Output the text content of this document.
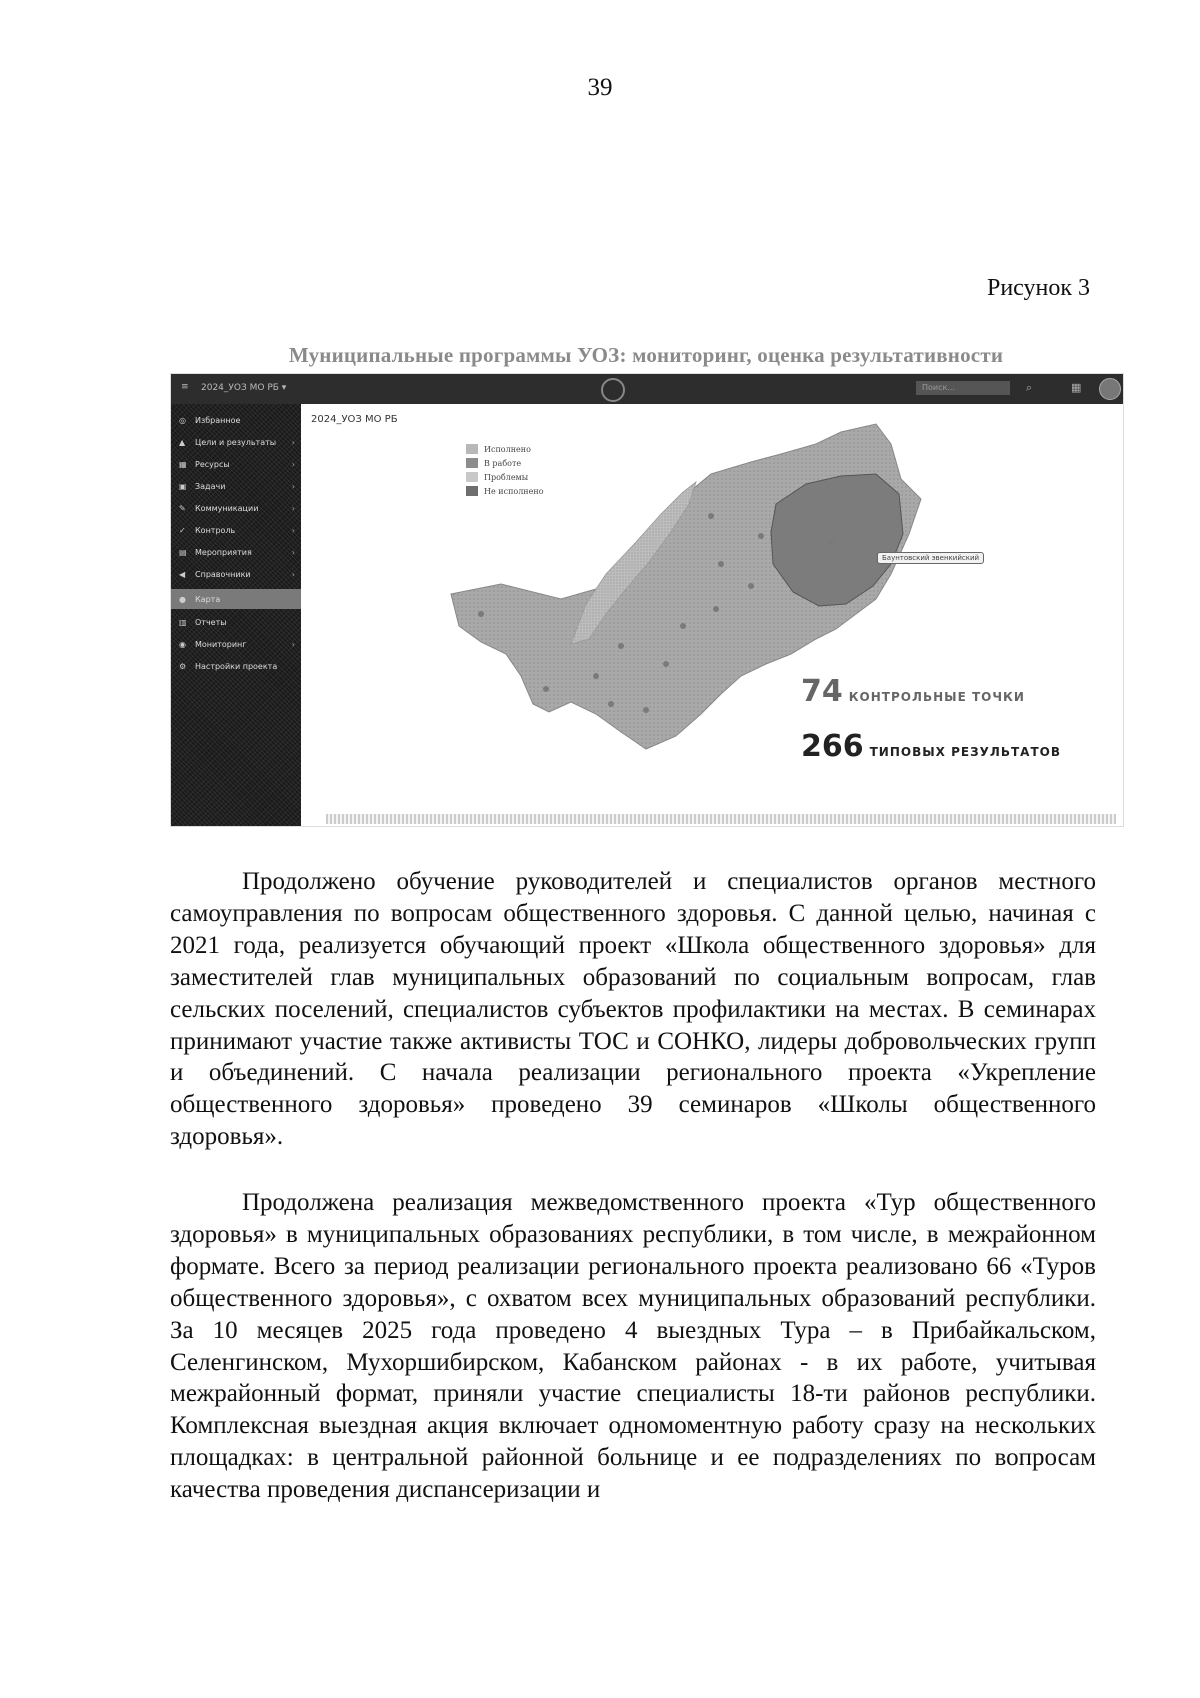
39
Рисунок 3
Муниципальные программы УОЗ: мониторинг, оценка результативности
≡ 2024_УОЗ МО РБ ▾	Поиск...	⌕	▦
◎	Избранное
▲	Цели и результаты	›
▦	Ресурсы	›
▣	Задачи	›
✎	Коммуникации	›
✓	Контроль	›
▤	Мероприятия	›
◀	Справочники	›
●	Карта
▥	Отчеты
◉	Мониторинг	›
⚙	Настройки проекта
2024_УОЗ МО РБ
Исполнено
В работе
Проблемы
Не исполнено
Баунтовский эвенкийский
74 КОНТРОЛЬНЫЕ ТОЧКИ
266 ТИПОВЫХ РЕЗУЛЬТАТОВ
Продолжено обучение руководителей и специалистов органов местного самоуправления по вопросам общественного здоровья. С данной целью, начиная с 2021 года, реализуется обучающий проект «Школа общественного здоровья» для заместителей глав муниципальных образований по социальным вопросам, глав сельских поселений, специалистов субъектов профилактики на местах. В семинарах принимают участие также активисты ТОС и СОНКО, лидеры добровольческих групп и объединений. С начала реализации регионального проекта «Укрепление общественного здоровья» проведено 39 семинаров «Школы общественного здоровья».
Продолжена реализация межведомственного проекта «Тур общественного здоровья» в муниципальных образованиях республики, в том числе, в межрайонном формате. Всего за период реализации регионального проекта реализовано 66 «Туров общественного здоровья», с охватом всех муниципальных образований республики. За 10 месяцев 2025 года проведено 4 выездных Тура – в Прибайкальском, Селенгинском, Мухоршибирском, Кабанском районах - в их работе, учитывая межрайонный формат, приняли участие специалисты 18-ти районов республики. Комплексная выездная акция включает одномоментную работу сразу на нескольких площадках: в центральной районной больнице и ее подразделениях по вопросам качества проведения диспансеризации и
